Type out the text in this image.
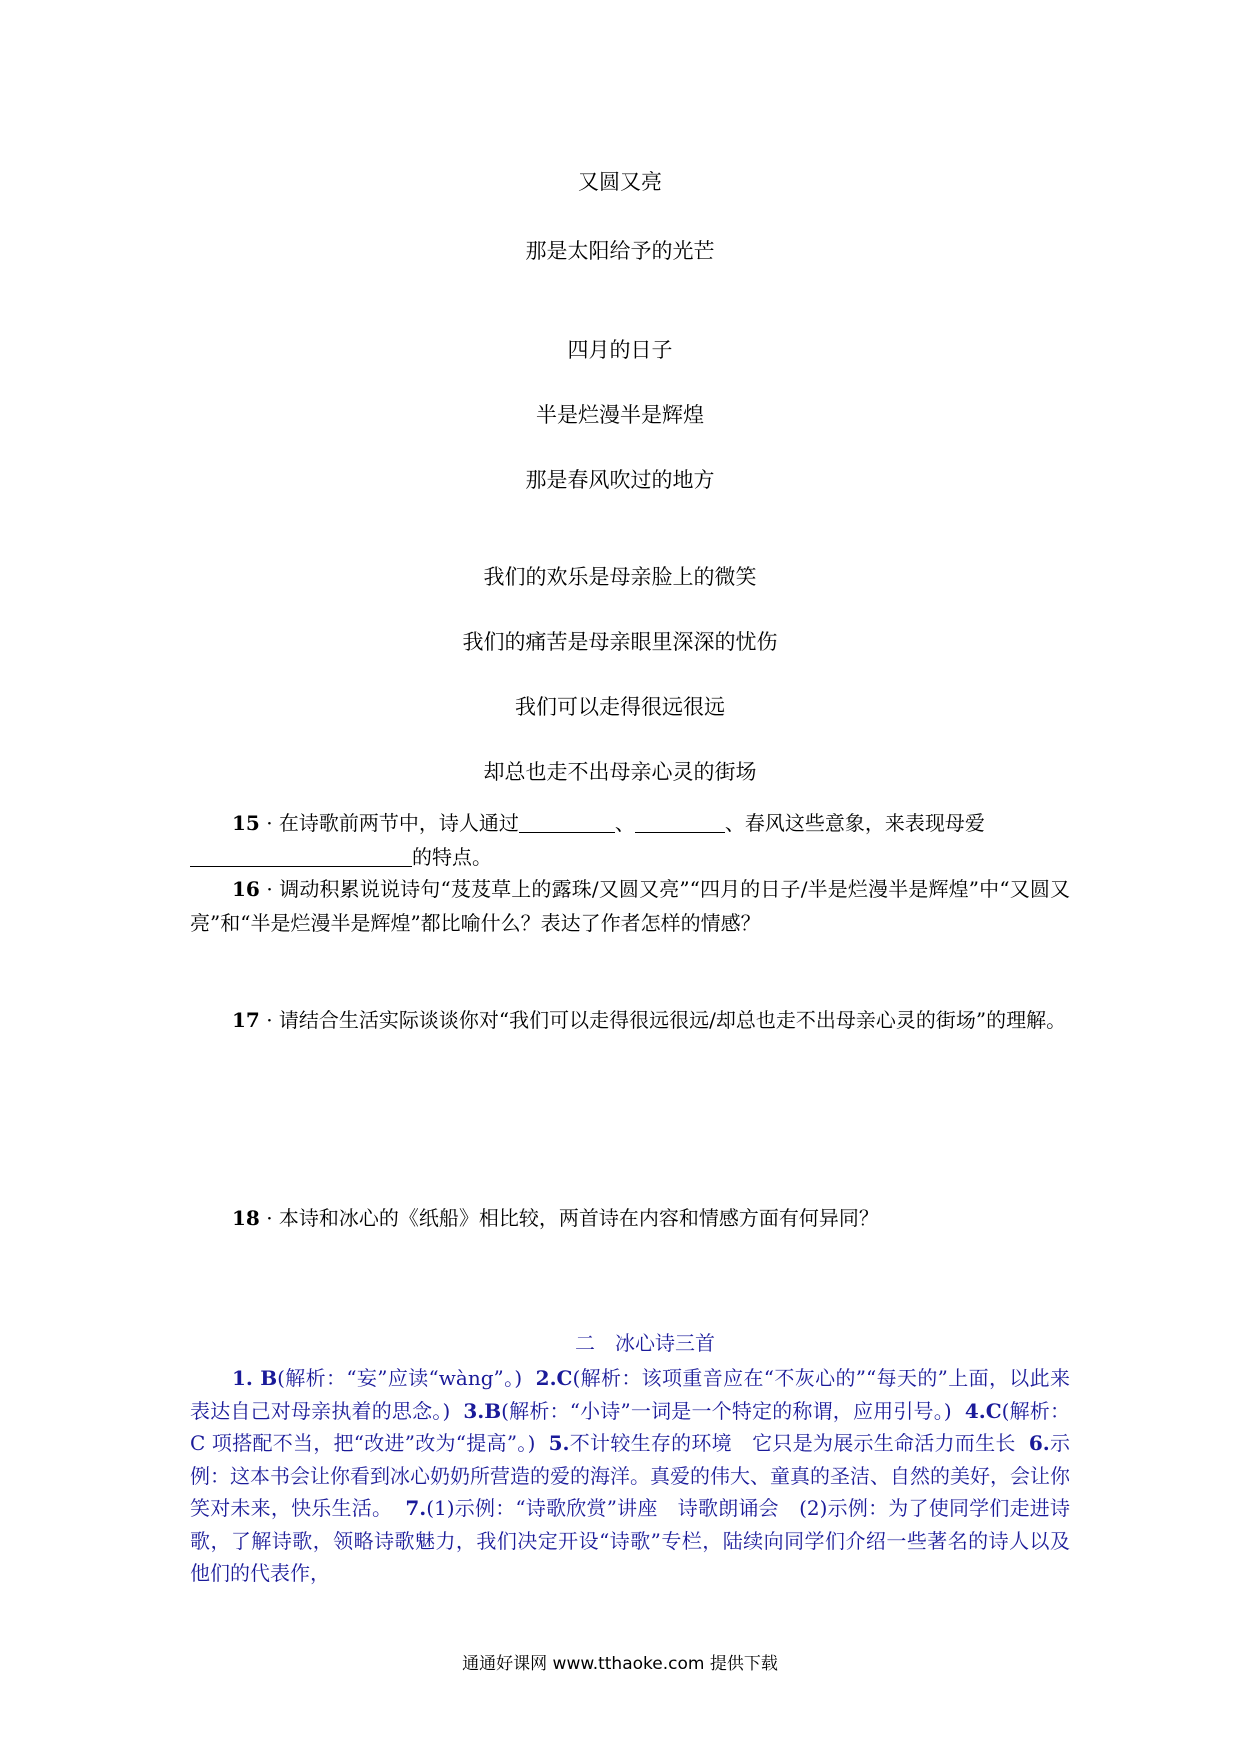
又圆又亮
那是太阳给予的光芒
四月的日子
半是烂漫半是辉煌
那是春风吹过的地方
我们的欢乐是母亲脸上的微笑
我们的痛苦是母亲眼里深深的忧伤
我们可以走得很远很远
却总也走不出母亲心灵的街场
15 · 在诗歌前两节中，诗人通过	、	、春风这些意象，来表现母爱
的特点。
16 · 调动积累说说诗句“芨芨草上的露珠/又圆又亮”“四月的日子/半是烂漫半是辉煌”中“又圆又亮”和“半是烂漫半是辉煌”都比喻什么？表达了作者怎样的情感？
17 · 请结合生活实际谈谈你对“我们可以走得很远很远/却总也走不出母亲心灵的街场”的理解。
18 · 本诗和冰心的《纸船》相比较，两首诗在内容和情感方面有何异同？
二　冰心诗三首
1. B(解析：“妄”应读“wàng”。) 2.C(解析：该项重音应在“不灰心的”“每天的”上面，以此来表达自己对母亲执着的思念。) 3.B(解析：“小诗”一词是一个特定的称谓，应用引号。) 4.C(解析：C 项搭配不当，把“改进”改为“提高”。) 5.不计较生存的环境　它只是为展示生命活力而生长 6.示例：这本书会让你看到冰心奶奶所营造的爱的海洋。真爱的伟大、童真的圣洁、自然的美好，会让你笑对未来，快乐生活。 7.(1)示例：“诗歌欣赏”讲座　诗歌朗诵会　(2)示例：为了使同学们走进诗歌，了解诗歌，领略诗歌魅力，我们决定开设“诗歌”专栏，陆续向同学们介绍一些著名的诗人以及他们的代表作，
通通好课网 www.tthaoke.com 提供下载
